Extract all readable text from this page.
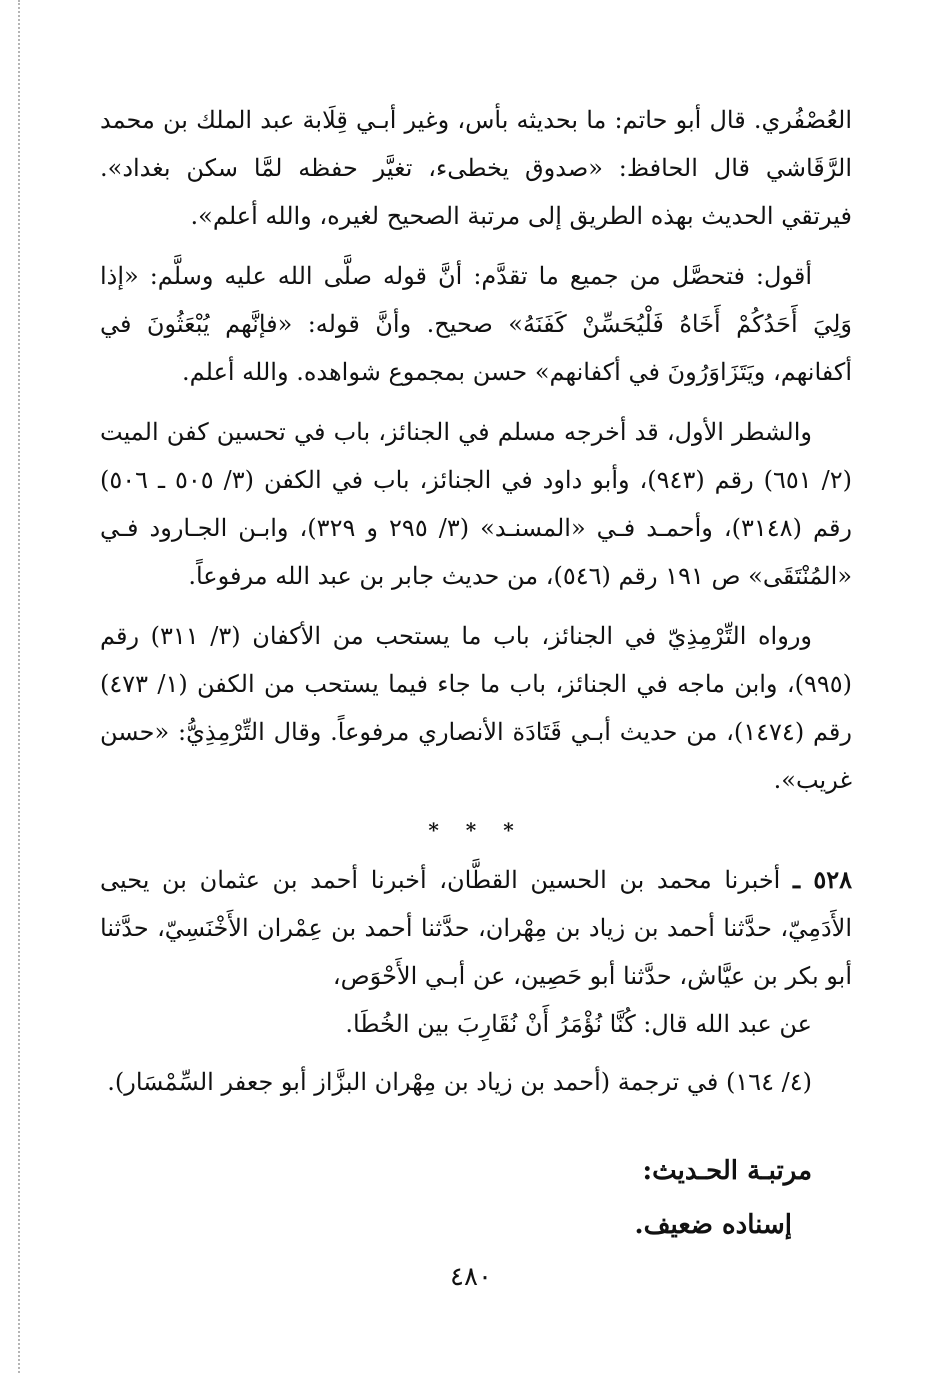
العُصْفُري. قال أبو حاتم: ما بحديثه بأس، وغير أبـي قِلَابة عبد الملك بن محمد الرَّقَاشي قال الحافظ: «صدوق يخطىء، تغيَّر حفظه لمَّا سكن بغداد». فيرتقي الحديث بهذه الطريق إلى مرتبة الصحيح لغيره، والله أعلم».

أقول: فتحصَّل من جميع ما تقدَّم: أنَّ قوله صلَّى الله عليه وسلَّم: «إذا وَلِيَ أَحَدُكُمْ أَخَاهُ فَلْيُحَسِّنْ كَفَنَهُ» صحيح. وأنَّ قوله: «فإنَّهم يُبْعَثُونَ في أكفانهم، ويَتَزَاوَرُونَ في أكفانهم» حسن بمجموع شواهده. والله أعلم.

والشطر الأول، قد أخرجه مسلم في الجنائز، باب في تحسين كفن الميت (٢/ ٦٥١) رقم (٩٤٣)، وأبو داود في الجنائز، باب في الكفن (٣/ ٥٠٥ ـ ٥٠٦) رقم (٣١٤٨)، وأحمـد فـي «المسنـد» (٣/ ٢٩٥ و ٣٢٩)، وابـن الجـارود فـي «المُنْتَقَى» ص ١٩١ رقم (٥٤٦)، من حديث جابر بن عبد الله مرفوعاً.

ورواه التِّرْمِذِيّ في الجنائز، باب ما يستحب من الأكفان (٣/ ٣١١) رقم (٩٩٥)، وابن ماجه في الجنائز، باب ما جاء فيما يستحب من الكفن (١/ ٤٧٣) رقم (١٤٧٤)، من حديث أبـي قَتَادَة الأنصاري مرفوعاً. وقال التِّرْمِذِيُّ: «حسن غريب».

* * *

٥٢٨ ـ أخبرنا محمد بن الحسين القطَّان، أخبرنا أحمد بن عثمان بن يحيى الأَدَمِيّ، حدَّثنا أحمد بن زياد بن مِهْران، حدَّثنا أحمد بن عِمْران الأَخْنَسِيّ، حدَّثنا أبو بكر بن عيَّاش، حدَّثنا أبو حَصِين، عن أبـي الأَحْوَص،

عن عبد الله قال: كُنَّا نُؤْمَرُ أَنْ نُقَارِبَ بين الخُطَا.

(٤/ ١٦٤) في ترجمة (أحمد بن زياد بن مِهْران البزَّاز أبو جعفر السِّمْسَار).

مرتبـة الحـديث:

إسناده ضعيف.

٤٨٠
